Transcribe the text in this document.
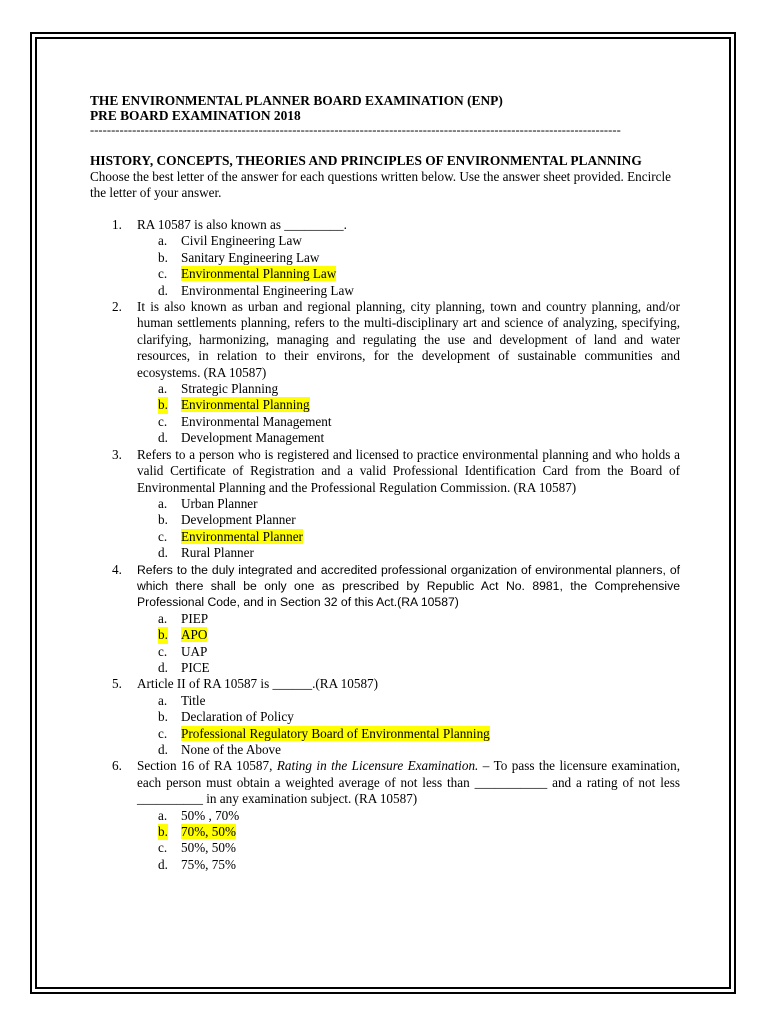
THE ENVIRONMENTAL PLANNER BOARD EXAMINATION (ENP)
PRE BOARD EXAMINATION 2018
------------------------------------------------------------------------------------------------------------------------------
HISTORY, CONCEPTS, THEORIES AND PRINCIPLES OF ENVIRONMENTAL PLANNING
Choose the best letter of the answer for each questions written below. Use the answer sheet provided. Encircle the letter of your answer.
1. RA 10587 is also known as _________.
a. Civil Engineering Law
b. Sanitary Engineering Law
c. Environmental Planning Law
d. Environmental Engineering Law
2. It is also known as urban and regional planning, city planning, town and country planning, and/or human settlements planning, refers to the multi-disciplinary art and science of analyzing, specifying, clarifying, harmonizing, managing and regulating the use and development of land and water resources, in relation to their environs, for the development of sustainable communities and ecosystems. (RA 10587)
a. Strategic Planning
b. Environmental Planning
c. Environmental Management
d. Development Management
3. Refers to a person who is registered and licensed to practice environmental planning and who holds a valid Certificate of Registration and a valid Professional Identification Card from the Board of Environmental Planning and the Professional Regulation Commission. (RA 10587)
a. Urban Planner
b. Development Planner
c. Environmental Planner
d. Rural Planner
4. Refers to the duly integrated and accredited professional organization of environmental planners, of which there shall be only one as prescribed by Republic Act No. 8981, the Comprehensive Professional Code, and in Section 32 of this Act.(RA 10587)
a. PIEP
b. APO
c. UAP
d. PICE
5. Article II of RA 10587 is ______.(RA 10587)
a. Title
b. Declaration of Policy
c. Professional Regulatory Board of Environmental Planning
d. None of the Above
6. Section 16 of RA 10587, Rating in the Licensure Examination. – To pass the licensure examination, each person must obtain a weighted average of not less than ___________ and a rating of not less __________ in any examination subject. (RA 10587)
a. 50% , 70%
b. 70%, 50%
c. 50%, 50%
d. 75%, 75%
